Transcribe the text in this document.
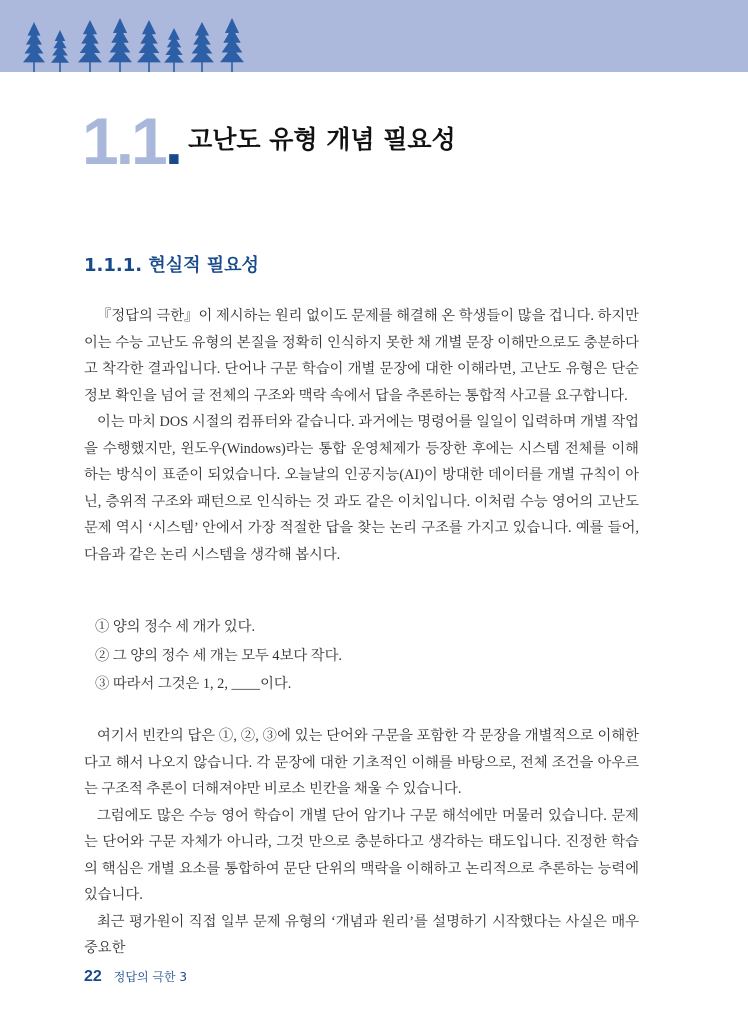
1.1. 고난도 유형 개념 필요성
1.1.1. 현실적 필요성

『정답의 극한』이 제시하는 원리 없이도 문제를 해결해 온 학생들이 많을 겁니다. 하지만 이는 수능 고난도 유형의 본질을 정확히 인식하지 못한 채 개별 문장 이해만으로도 충분하다고 착각한 결과입니다. 단어나 구문 학습이 개별 문장에 대한 이해라면, 고난도 유형은 단순 정보 확인을 넘어 글 전체의 구조와 맥락 속에서 답을 추론하는 통합적 사고를 요구합니다.

이는 마치 DOS 시절의 컴퓨터와 같습니다. 과거에는 명령어를 일일이 입력하며 개별 작업을 수행했지만, 윈도우(Windows)라는 통합 운영체제가 등장한 후에는 시스템 전체를 이해하는 방식이 표준이 되었습니다. 오늘날의 인공지능(AI)이 방대한 데이터를 개별 규칙이 아닌, 층위적 구조와 패턴으로 인식하는 것 과도 같은 이치입니다. 이처럼 수능 영어의 고난도 문제 역시 ‘시스템’ 안에서 가장 적절한 답을 찾는 논리 구조를 가지고 있습니다. 예를 들어, 다음과 같은 논리 시스템을 생각해 봅시다.

① 양의 정수 세 개가 있다.
② 그 양의 정수 세 개는 모두 4보다 작다.
③ 따라서 그것은 1, 2, ____이다.

여기서 빈칸의 답은 ①, ②, ③에 있는 단어와 구문을 포함한 각 문장을 개별적으로 이해한다고 해서 나오지 않습니다. 각 문장에 대한 기초적인 이해를 바탕으로, 전체 조건을 아우르는 구조적 추론이 더해져야만 비로소 빈칸을 채울 수 있습니다.

그럼에도 많은 수능 영어 학습이 개별 단어 암기나 구문 해석에만 머물러 있습니다. 문제는 단어와 구문 자체가 아니라, 그것 만으로 충분하다고 생각하는 태도입니다. 진정한 학습의 핵심은 개별 요소를 통합하여 문단 단위의 맥락을 이해하고 논리적으로 추론하는 능력에 있습니다.

최근 평가원이 직접 일부 문제 유형의 ‘개념과 원리’를 설명하기 시작했다는 사실은 매우 중요한

22 정답의 극한 3
